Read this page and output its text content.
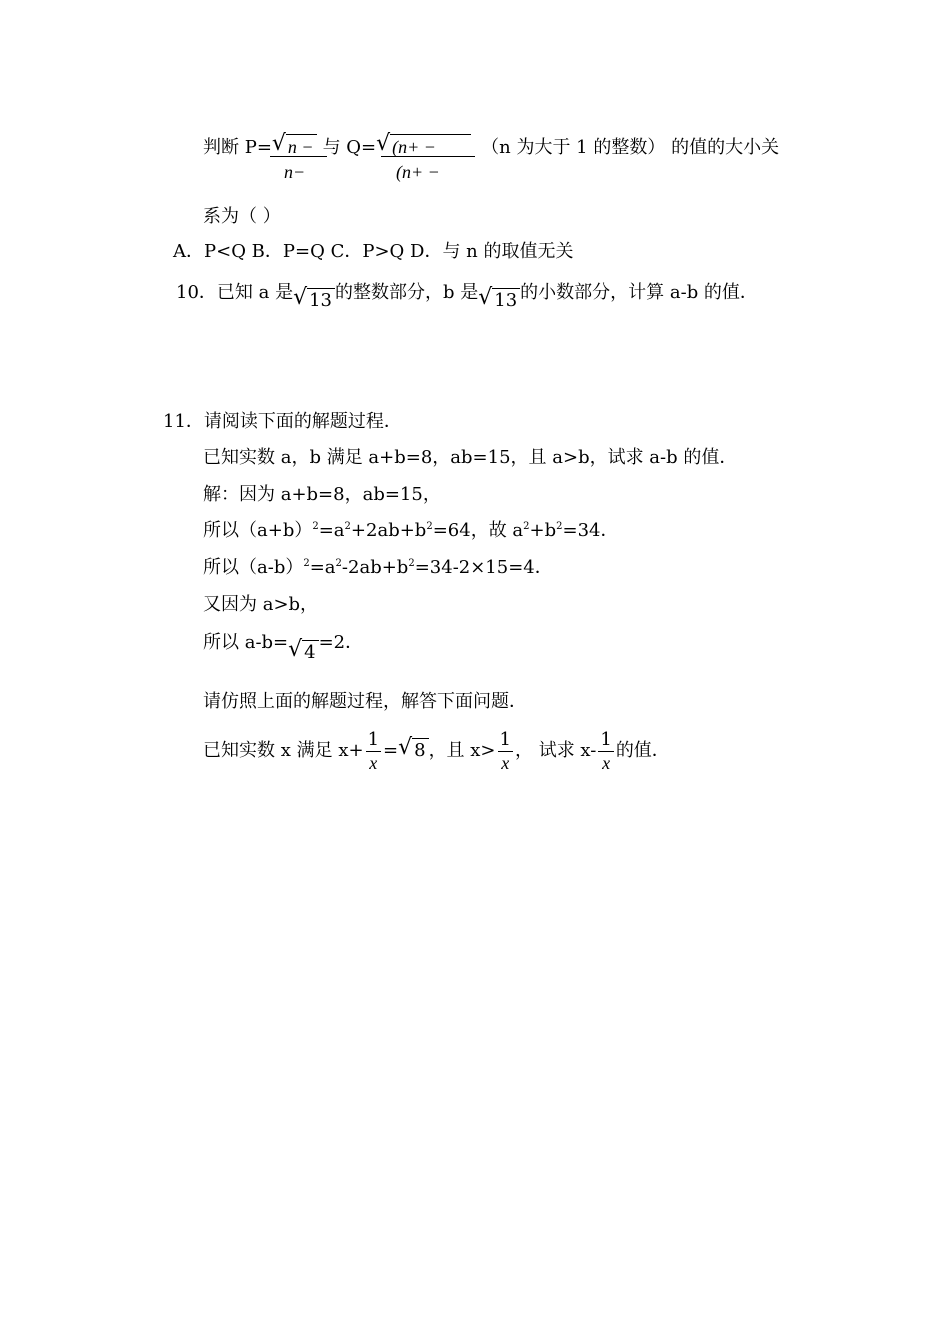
判断 P= √ n − 与 Q= √ (n+ −	（n 为大于 1 的整数） 的值的大小关
n−	(n+ −
系为（ ）
A．P<Q B．P=Q C．P>Q D．与 n 的取值无关
10．已知 a 是 √ 13 的整数部分，b 是 √ 13 的小数部分，计算 a-b 的值．
11．请阅读下面的解题过程．
已知实数 a，b 满足 a+b=8，ab=15，且 a>b，试求 a-b 的值．
解：因为 a+b=8，ab=15，
所以$(a+b)^2=a^2+2ab+b^2=64$，故 $a^2+b^2=34$．
所以$(a-b)^2=a^2-2ab+b^2=34-2\times 15=4$．
又因为 a>b，
所以 a-b= √ 4 =2．
请仿照上面的解题过程，解答下面问题．
已知实数 x 满足 $x+ \frac{1}{x}$ = √ 8 ，且 $x> \frac{1}{x}$ ， 试求 $x- \frac{1}{x}$ 的值．
